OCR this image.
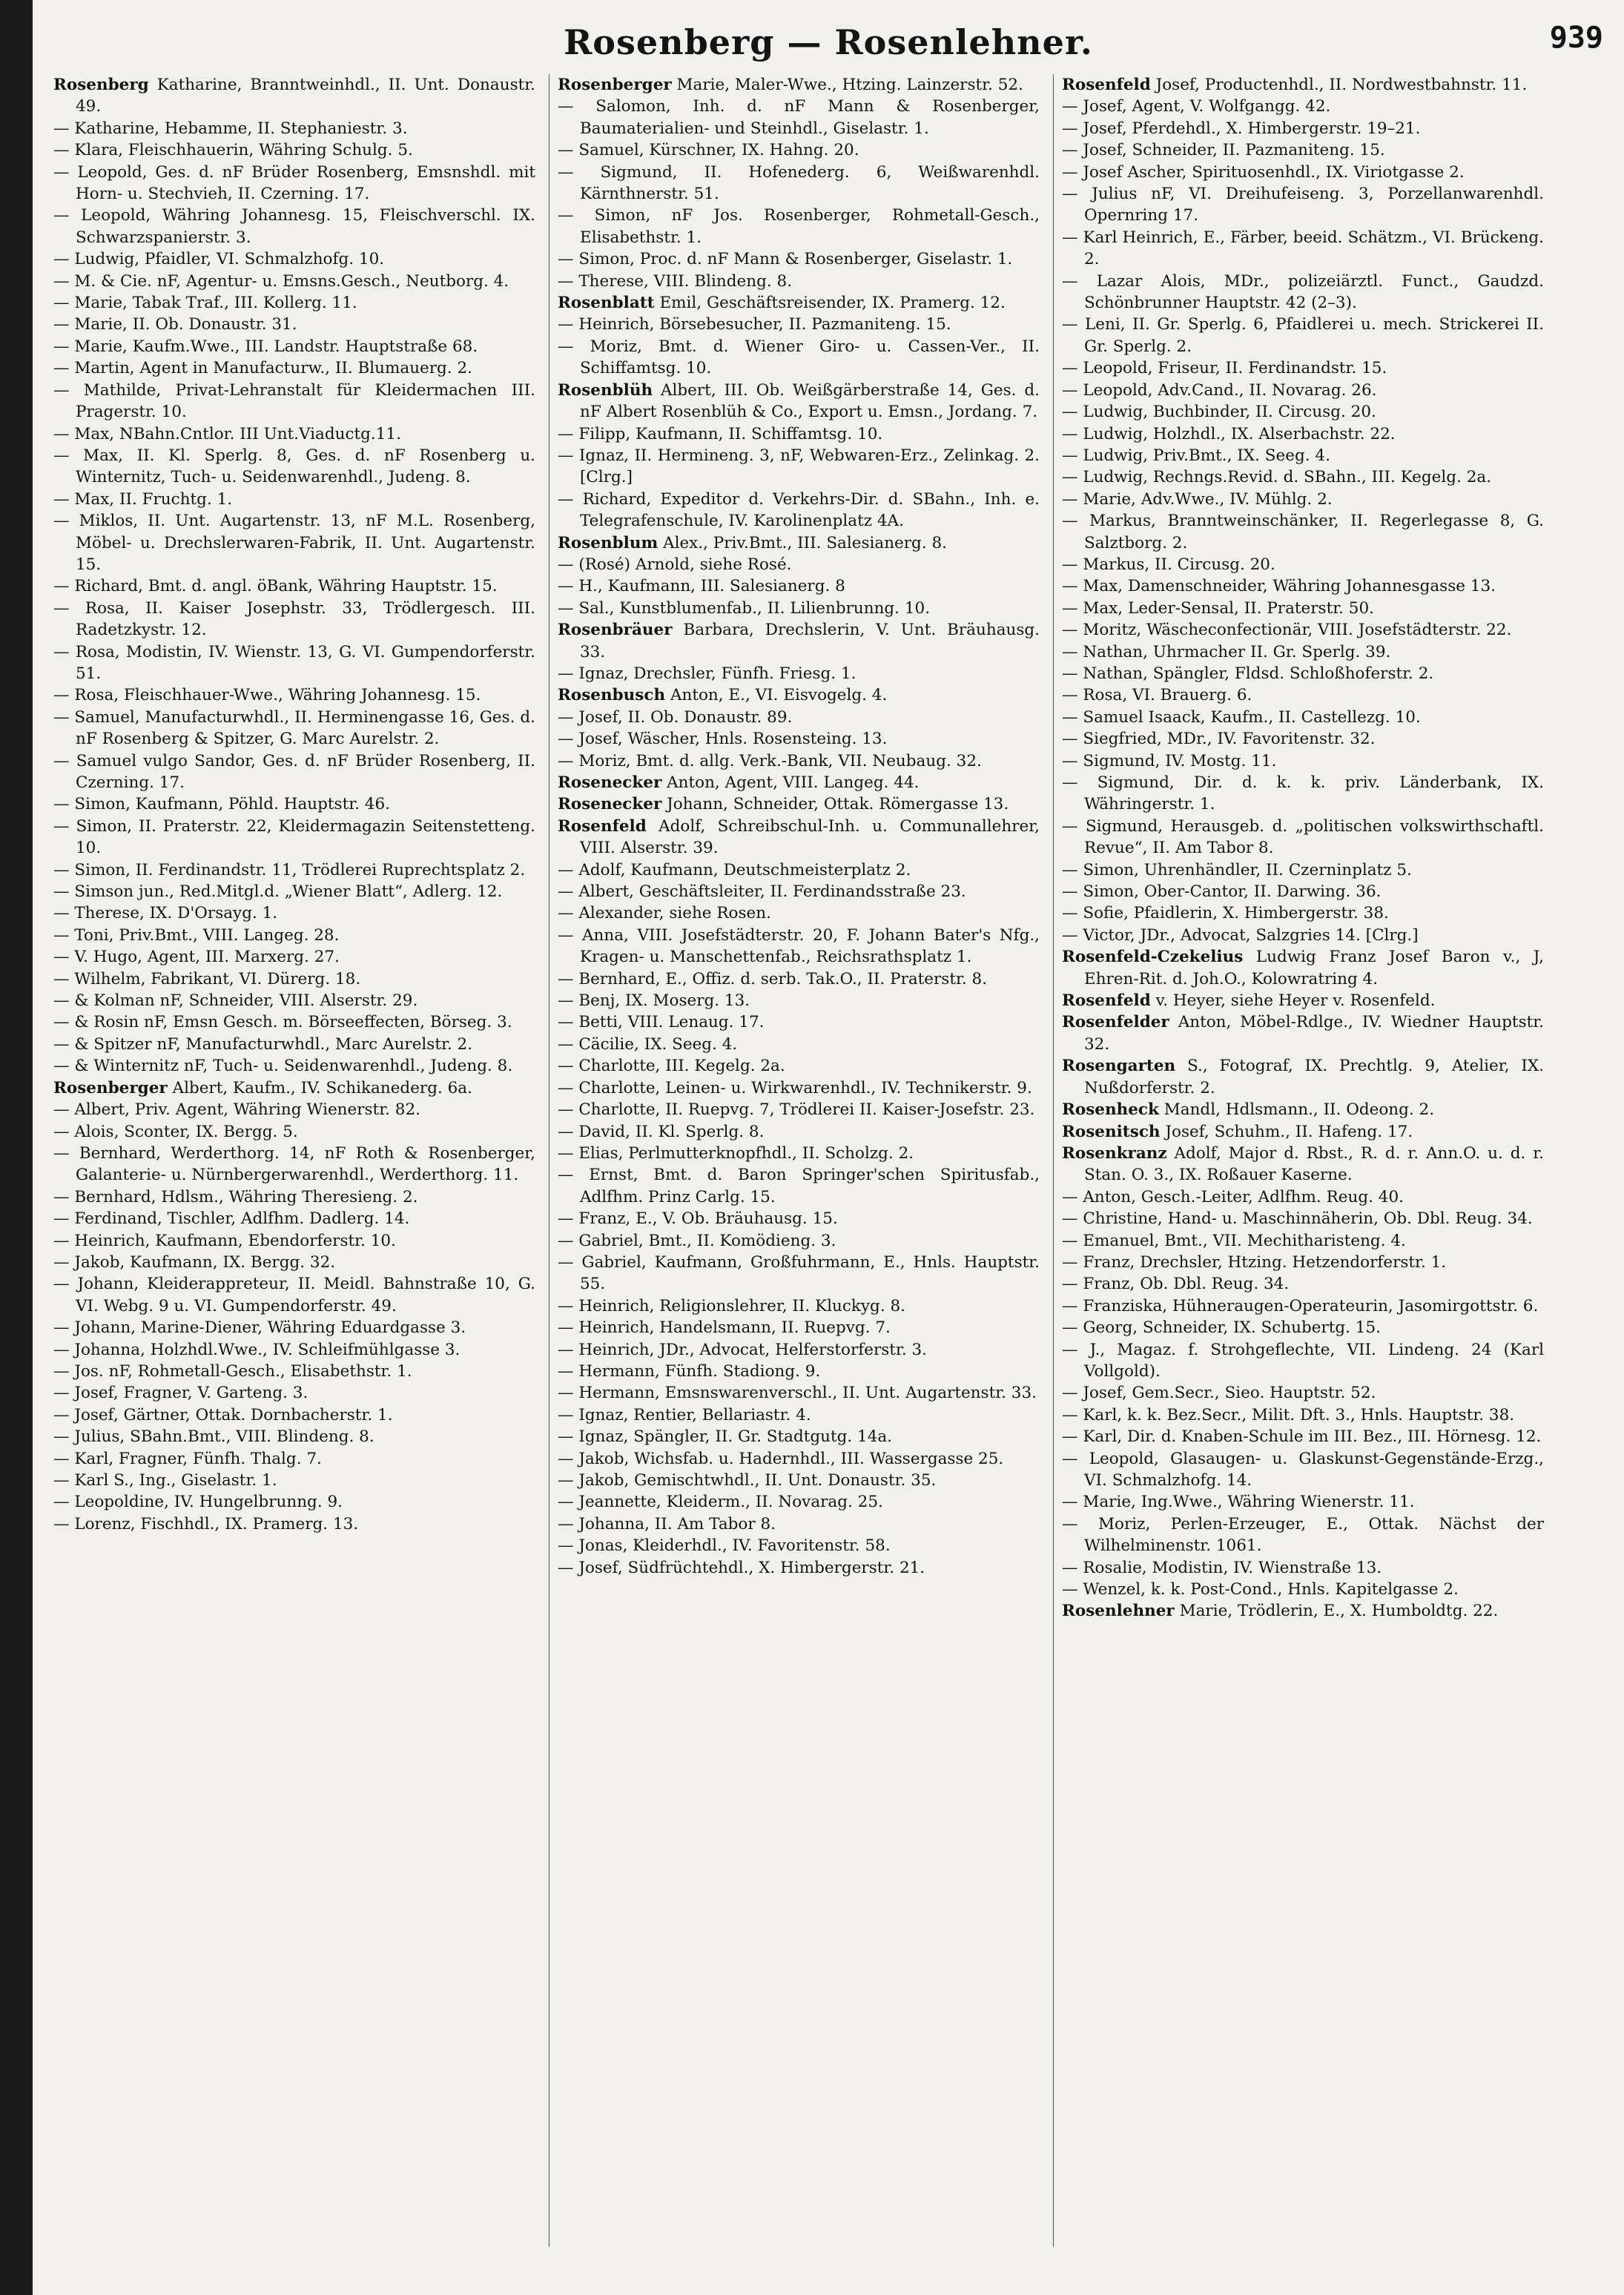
Rosenberg — Rosenlehner.	939
Rosenberg Katharine, Branntweinhdl., II. Unt. Donaustr. 49.
— Katharine, Hebamme, II. Stephaniestr. 3.
— Klara, Fleischhauerin, Währing Schulg. 5.
— Leopold, Ges. d. nF Brüder Rosenberg, Emsnshdl. mit Horn- u. Stechvieh, II. Czerning. 17.
— Leopold, Währing Johannesg. 15, Fleischverschl. IX. Schwarzspanierstr. 3.
— Ludwig, Pfaidler, VI. Schmalzhofg. 10.
— M. & Cie. nF, Agentur- u. Emsns.Gesch., Neutborg. 4.
— Marie, Tabak Traf., III. Kollerg. 11.
— Marie, II. Ob. Donaustr. 31.
— Marie, Kaufm.Wwe., III. Landstr. Hauptstraße 68.
— Martin, Agent in Manufacturw., II. Blumauerg. 2.
— Mathilde, Privat-Lehranstalt für Kleidermachen III. Pragerstr. 10.
— Max, NBahn.Cntlor. III Unt.Viaductg.11.
— Max, II. Kl. Sperlg. 8, Ges. d. nF Rosenberg u. Winternitz, Tuch- u. Seidenwarenhdl., Judeng. 8.
— Max, II. Fruchtg. 1.
— Miklos, II. Unt. Augartenstr. 13, nF M.L. Rosenberg, Möbel- u. Drechslerwaren-Fabrik, II. Unt. Augartenstr. 15.
— Richard, Bmt. d. angl. öBank, Währing Hauptstr. 15.
— Rosa, II. Kaiser Josephstr. 33, Trödlergesch. III. Radetzkystr. 12.
— Rosa, Modistin, IV. Wienstr. 13, G. VI. Gumpendorferstr. 51.
— Rosa, Fleischhauer-Wwe., Währing Johannesg. 15.
— Samuel, Manufacturwhdl., II. Herminengasse 16, Ges. d. nF Rosenberg & Spitzer, G. Marc Aurelstr. 2.
— Samuel vulgo Sandor, Ges. d. nF Brüder Rosenberg, II. Czerning. 17.
— Simon, Kaufmann, Pöhld. Hauptstr. 46.
— Simon, II. Praterstr. 22, Kleidermagazin Seitenstetteng. 10.
— Simon, II. Ferdinandstr. 11, Trödlerei Ruprechtsplatz 2.
— Simson jun., Red.Mitgl.d. „Wiener Blatt“, Adlerg. 12.
— Therese, IX. D'Orsayg. 1.
— Toni, Priv.Bmt., VIII. Langeg. 28.
— V. Hugo, Agent, III. Marxerg. 27.
— Wilhelm, Fabrikant, VI. Dürerg. 18.
— & Kolman nF, Schneider, VIII. Alserstr. 29.
— & Rosin nF, Emsn Gesch. m. Börseeffecten, Börseg. 3.
— & Spitzer nF, Manufacturwhdl., Marc Aurelstr. 2.
— & Winternitz nF, Tuch- u. Seidenwarenhdl., Judeng. 8.
Rosenberger Albert, Kaufm., IV. Schikanederg. 6a.
— Albert, Priv. Agent, Währing Wienerstr. 82.
— Alois, Sconter, IX. Bergg. 5.
— Bernhard, Werderthorg. 14, nF Roth & Rosenberger, Galanterie- u. Nürnbergerwarenhdl., Werderthorg. 11.
— Bernhard, Hdlsm., Währing Theresieng. 2.
— Ferdinand, Tischler, Adlfhm. Dadlerg. 14.
— Heinrich, Kaufmann, Ebendorferstr. 10.
— Jakob, Kaufmann, IX. Bergg. 32.
— Johann, Kleiderappreteur, II. Meidl. Bahnstraße 10, G. VI. Webg. 9 u. VI. Gumpendorferstr. 49.
— Johann, Marine-Diener, Währing Eduardgasse 3.
— Johanna, Holzhdl.Wwe., IV. Schleifmühlgasse 3.
— Jos. nF, Rohmetall-Gesch., Elisabethstr. 1.
— Josef, Fragner, V. Garteng. 3.
— Josef, Gärtner, Ottak. Dornbacherstr. 1.
— Julius, SBahn.Bmt., VIII. Blindeng. 8.
— Karl, Fragner, Fünfh. Thalg. 7.
— Karl S., Ing., Giselastr. 1.
— Leopoldine, IV. Hungelbrunng. 9.
— Lorenz, Fischhdl., IX. Pramerg. 13.
Rosenberger Marie, Maler-Wwe., Htzing. Lainzerstr. 52.
— Salomon, Inh. d. nF Mann & Rosenberger, Baumaterialien- und Steinhdl., Giselastr. 1.
— Samuel, Kürschner, IX. Hahng. 20.
— Sigmund, II. Hofenederg. 6, Weißwarenhdl. Kärnthnerstr. 51.
— Simon, nF Jos. Rosenberger, Rohmetall-Gesch., Elisabethstr. 1.
— Simon, Proc. d. nF Mann & Rosenberger, Giselastr. 1.
— Therese, VIII. Blindeng. 8.
Rosenblatt Emil, Geschäftsreisender, IX. Pramerg. 12.
— Heinrich, Börsebesucher, II. Pazmaniteng. 15.
— Moriz, Bmt. d. Wiener Giro- u. Cassen-Ver., II. Schiffamtsg. 10.
Rosenblüh Albert, III. Ob. Weißgärberstraße 14, Ges. d. nF Albert Rosenblüh & Co., Export u. Emsn., Jordang. 7.
— Filipp, Kaufmann, II. Schiffamtsg. 10.
— Ignaz, II. Hermineng. 3, nF, Webwaren-Erz., Zelinkag. 2. [Clrg.]
— Richard, Expeditor d. Verkehrs-Dir. d. SBahn., Inh. e. Telegrafenschule, IV. Karolinenplatz 4A.
Rosenblum Alex., Priv.Bmt., III. Salesianerg. 8.
— (Rosé) Arnold, siehe Rosé.
— H., Kaufmann, III. Salesianerg. 8
— Sal., Kunstblumenfab., II. Lilienbrunng. 10.
Rosenbräuer Barbara, Drechslerin, V. Unt. Bräuhausg. 33.
— Ignaz, Drechsler, Fünfh. Friesg. 1.
Rosenbusch Anton, E., VI. Eisvogelg. 4.
— Josef, II. Ob. Donaustr. 89.
— Josef, Wäscher, Hnls. Rosensteing. 13.
— Moriz, Bmt. d. allg. Verk.-Bank, VII. Neubaug. 32.
Rosenecker Anton, Agent, VIII. Langeg. 44.
Rosenecker Johann, Schneider, Ottak. Römergasse 13.
Rosenfeld Adolf, Schreibschul-Inh. u. Communallehrer, VIII. Alserstr. 39.
— Adolf, Kaufmann, Deutschmeisterplatz 2.
— Albert, Geschäftsleiter, II. Ferdinandsstraße 23.
— Alexander, siehe Rosen.
— Anna, VIII. Josefstädterstr. 20, F. Johann Bater's Nfg., Kragen- u. Manschettenfab., Reichsrathsplatz 1.
— Bernhard, E., Offiz. d. serb. Tak.O., II. Praterstr. 8.
— Benj, IX. Moserg. 13.
— Betti, VIII. Lenaug. 17.
— Cäcilie, IX. Seeg. 4.
— Charlotte, III. Kegelg. 2a.
— Charlotte, Leinen- u. Wirkwarenhdl., IV. Technikerstr. 9.
— Charlotte, II. Ruepvg. 7, Trödlerei II. Kaiser-Josefstr. 23.
— David, II. Kl. Sperlg. 8.
— Elias, Perlmutterknopfhdl., II. Scholzg. 2.
— Ernst, Bmt. d. Baron Springer'schen Spiritusfab., Adlfhm. Prinz Carlg. 15.
— Franz, E., V. Ob. Bräuhausg. 15.
— Gabriel, Bmt., II. Komödieng. 3.
— Gabriel, Kaufmann, Großfuhrmann, E., Hnls. Hauptstr. 55.
— Heinrich, Religionslehrer, II. Kluckyg. 8.
— Heinrich, Handelsmann, II. Ruepvg. 7.
— Heinrich, JDr., Advocat, Helferstorferstr. 3.
— Hermann, Fünfh. Stadiong. 9.
— Hermann, Emsnswarenverschl., II. Unt. Augartenstr. 33.
— Ignaz, Rentier, Bellariastr. 4.
— Ignaz, Spängler, II. Gr. Stadtgutg. 14a.
— Jakob, Wichsfab. u. Hadernhdl., III. Wassergasse 25.
— Jakob, Gemischtwhdl., II. Unt. Donaustr. 35.
— Jeannette, Kleiderm., II. Novarag. 25.
— Johanna, II. Am Tabor 8.
— Jonas, Kleiderhdl., IV. Favoritenstr. 58.
— Josef, Südfrüchtehdl., X. Himbergerstr. 21.
Rosenfeld Josef, Productenhdl., II. Nordwestbahnstr. 11.
— Josef, Agent, V. Wolfgangg. 42.
— Josef, Pferdehdl., X. Himbergerstr. 19–21.
— Josef, Schneider, II. Pazmaniteng. 15.
— Josef Ascher, Spirituosenhdl., IX. Viriotgasse 2.
— Julius nF, VI. Dreihufeiseng. 3, Porzellanwarenhdl. Opernring 17.
— Karl Heinrich, E., Färber, beeid. Schätzm., VI. Brückeng. 2.
— Lazar Alois, MDr., polizeiärztl. Funct., Gaudzd. Schönbrunner Hauptstr. 42 (2–3).
— Leni, II. Gr. Sperlg. 6, Pfaidlerei u. mech. Strickerei II. Gr. Sperlg. 2.
— Leopold, Friseur, II. Ferdinandstr. 15.
— Leopold, Adv.Cand., II. Novarag. 26.
— Ludwig, Buchbinder, II. Circusg. 20.
— Ludwig, Holzhdl., IX. Alserbachstr. 22.
— Ludwig, Priv.Bmt., IX. Seeg. 4.
— Ludwig, Rechngs.Revid. d. SBahn., III. Kegelg. 2a.
— Marie, Adv.Wwe., IV. Mühlg. 2.
— Markus, Branntweinschänker, II. Regerlegasse 8, G. Salztborg. 2.
— Markus, II. Circusg. 20.
— Max, Damenschneider, Währing Johannesgasse 13.
— Max, Leder-Sensal, II. Praterstr. 50.
— Moritz, Wäscheconfectionär, VIII. Josefstädterstr. 22.
— Nathan, Uhrmacher II. Gr. Sperlg. 39.
— Nathan, Spängler, Fldsd. Schloßhoferstr. 2.
— Rosa, VI. Brauerg. 6.
— Samuel Isaack, Kaufm., II. Castellezg. 10.
— Siegfried, MDr., IV. Favoritenstr. 32.
— Sigmund, IV. Mostg. 11.
— Sigmund, Dir. d. k. k. priv. Länderbank, IX. Währingerstr. 1.
— Sigmund, Herausgeb. d. „politischen volkswirthschaftl. Revue“, II. Am Tabor 8.
— Simon, Uhrenhändler, II. Czerninplatz 5.
— Simon, Ober-Cantor, II. Darwing. 36.
— Sofie, Pfaidlerin, X. Himbergerstr. 38.
— Victor, JDr., Advocat, Salzgries 14. [Clrg.]
Rosenfeld-Czekelius Ludwig Franz Josef Baron v., J, Ehren-Rit. d. Joh.O., Kolowratring 4.
Rosenfeld v. Heyer, siehe Heyer v. Rosenfeld.
Rosenfelder Anton, Möbel-Rdlge., IV. Wiedner Hauptstr. 32.
Rosengarten S., Fotograf, IX. Prechtlg. 9, Atelier, IX. Nußdorferstr. 2.
Rosenheck Mandl, Hdlsmann., II. Odeong. 2.
Rosenitsch Josef, Schuhm., II. Hafeng. 17.
Rosenkranz Adolf, Major d. Rbst., R. d. r. Ann.O. u. d. r. Stan. O. 3., IX. Roßauer Kaserne.
— Anton, Gesch.-Leiter, Adlfhm. Reug. 40.
— Christine, Hand- u. Maschinnäherin, Ob. Dbl. Reug. 34.
— Emanuel, Bmt., VII. Mechitharisteng. 4.
— Franz, Drechsler, Htzing. Hetzendorferstr. 1.
— Franz, Ob. Dbl. Reug. 34.
— Franziska, Hühneraugen-Operateurin, Jasomirgottstr. 6.
— Georg, Schneider, IX. Schubertg. 15.
— J., Magaz. f. Strohgeflechte, VII. Lindeng. 24 (Karl Vollgold).
— Josef, Gem.Secr., Sieo. Hauptstr. 52.
— Karl, k. k. Bez.Secr., Milit. Dft. 3., Hnls. Hauptstr. 38.
— Karl, Dir. d. Knaben-Schule im III. Bez., III. Hörnesg. 12.
— Leopold, Glasaugen- u. Glaskunst-Gegenstände-Erzg., VI. Schmalzhofg. 14.
— Marie, Ing.Wwe., Währing Wienerstr. 11.
— Moriz, Perlen-Erzeuger, E., Ottak. Nächst der Wilhelminenstr. 1061.
— Rosalie, Modistin, IV. Wienstraße 13.
— Wenzel, k. k. Post-Cond., Hnls. Kapitelgasse 2.
Rosenlehner Marie, Trödlerin, E., X. Humboldtg. 22.
